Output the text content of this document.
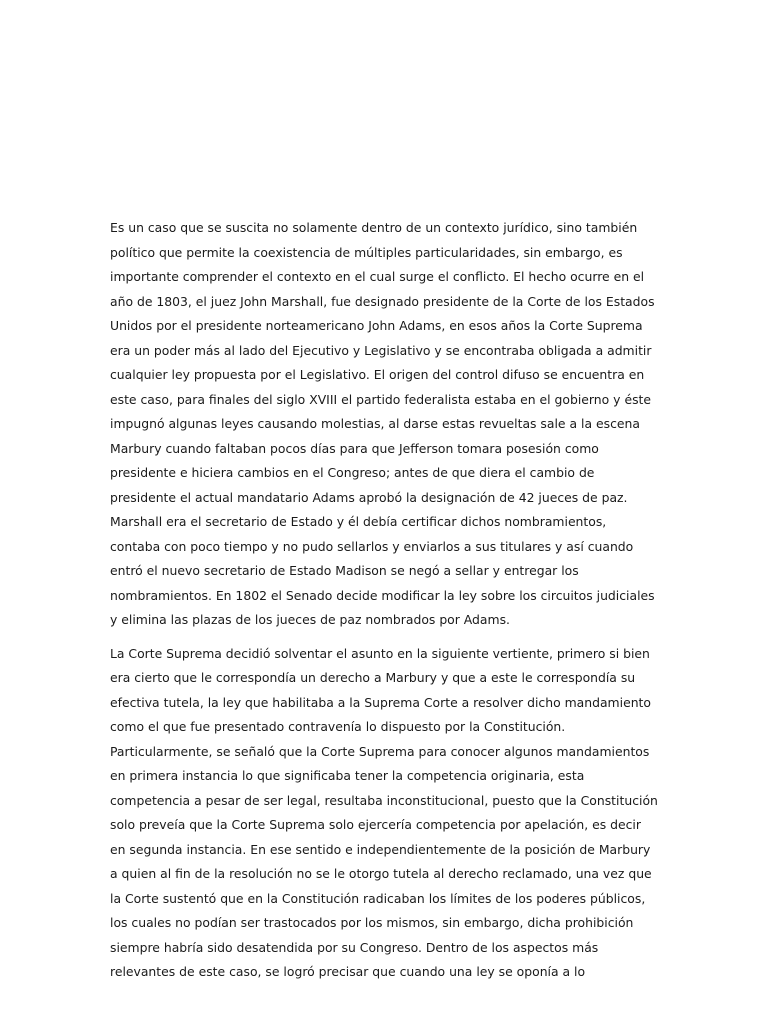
Es un caso que se suscita no solamente dentro de un contexto jurídico, sino también político que permite la coexistencia de múltiples particularidades, sin embargo, es importante comprender el contexto en el cual surge el conflicto. El hecho ocurre en el año de 1803, el juez John Marshall, fue designado presidente de la Corte de los Estados Unidos por el presidente norteamericano John Adams, en esos años la Corte Suprema era un poder más al lado del Ejecutivo y Legislativo y se encontraba obligada a admitir cualquier ley propuesta por el Legislativo. El origen del control difuso se encuentra en este caso, para finales del siglo XVIII el partido federalista estaba en el gobierno y éste impugnó algunas leyes causando molestias, al darse estas revueltas sale a la escena Marbury cuando faltaban pocos días para que Jefferson tomara posesión como presidente e hiciera cambios en el Congreso; antes de que diera el cambio de presidente el actual mandatario Adams aprobó la designación de 42 jueces de paz. Marshall era el secretario de Estado y él debía certificar dichos nombramientos, contaba con poco tiempo y no pudo sellarlos y enviarlos a sus titulares y así cuando entró el nuevo secretario de Estado Madison se negó a sellar y entregar los nombramientos. En 1802 el Senado decide modificar la ley sobre los circuitos judiciales y elimina las plazas de los jueces de paz nombrados por Adams.

La Corte Suprema decidió solventar el asunto en la siguiente vertiente, primero si bien era cierto que le correspondía un derecho a Marbury y que a este le correspondía su efectiva tutela, la ley que habilitaba a la Suprema Corte a resolver dicho mandamiento como el que fue presentado contravenía lo dispuesto por la Constitución. Particularmente, se señaló que la Corte Suprema para conocer algunos mandamientos en primera instancia lo que significaba tener la competencia originaria, esta competencia a pesar de ser legal, resultaba inconstitucional, puesto que la Constitución solo preveía que la Corte Suprema solo ejercería competencia por apelación, es decir en segunda instancia. En ese sentido e independientemente de la posición de Marbury a quien al fin de la resolución no se le otorgo tutela al derecho reclamado, una vez que la Corte sustentó que en la Constitución radicaban los límites de los poderes públicos, los cuales no podían ser trastocados por los mismos, sin embargo, dicha prohibición siempre habría sido desatendida por su Congreso. Dentro de los aspectos más relevantes de este caso, se logró precisar que cuando una ley se oponía a lo
